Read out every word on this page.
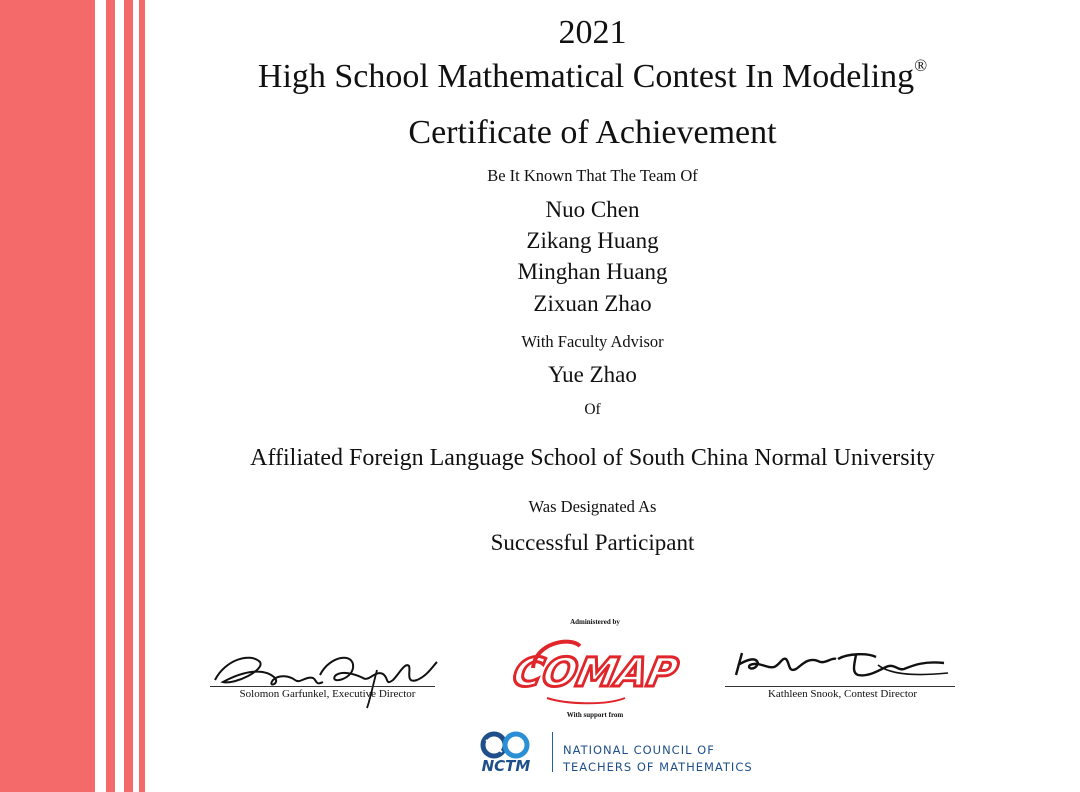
2021

High School Mathematical Contest In Modeling®

Certificate of Achievement

Be It Known That The Team Of

Nuo Chen

Zikang Huang

Minghan Huang

Zixuan Zhao

With Faculty Advisor

Yue Zhao

Of

Affiliated Foreign Language School of South China Normal University

Was Designated As

Successful Participant

Solomon Garfunkel, Executive Director
Administered by
COMAP
With support from
Kathleen Snook, Contest Director
NCTM
NATIONAL COUNCIL OF
TEACHERS OF MATHEMATICS
